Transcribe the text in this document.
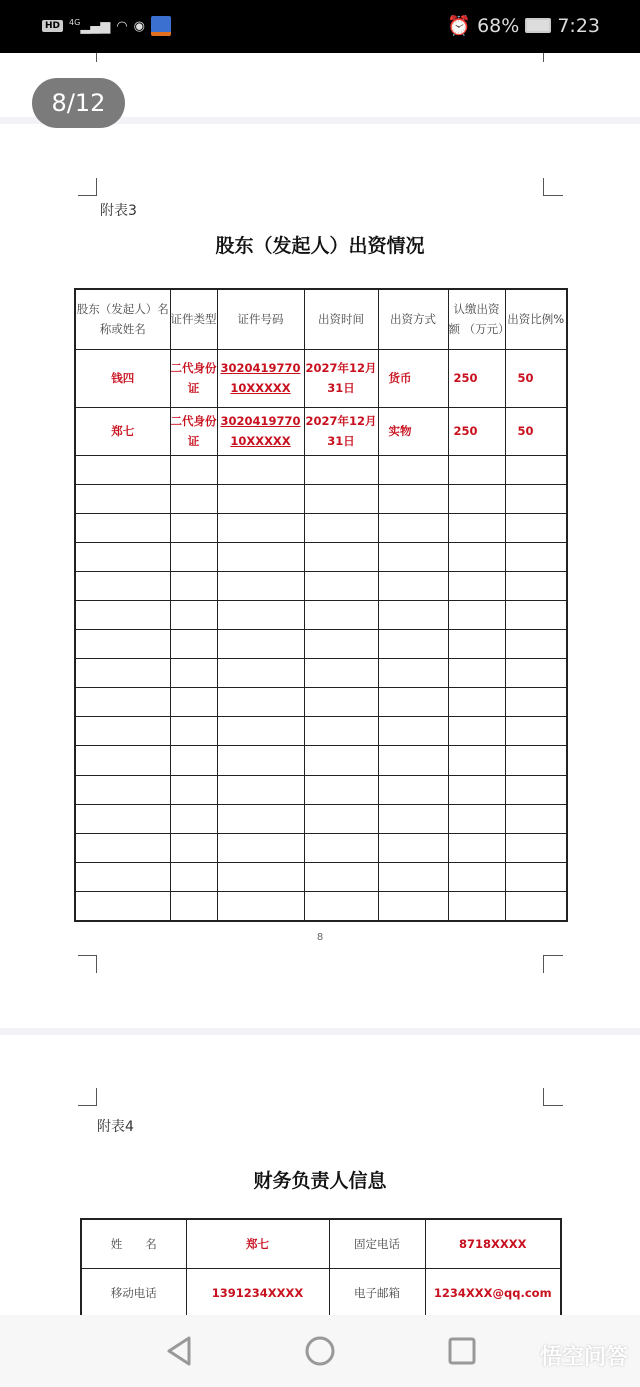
HD	$^{4G}$▂▄▆ ◠ ◉	⏰ 68% 7:23
8/12
附表3
股东（发起人）出资情况
股东（发起人）名称或姓名	证件类型	证件号码	出资时间	出资方式	认缴出资额 （万元）	出资比例%
钱四	二代身份证	302041977010XXXXX	2027年12月31日	货币	250	50
郑七	二代身份证	302041977010XXXXX	2027年12月31日	实物	250	50

8
附表4
财务负责人信息
姓　　名	郑七	固定电话	8718XXXX
移动电话	1391234XXXX	电子邮箱	1234XXX@qq.com
悟空问答
